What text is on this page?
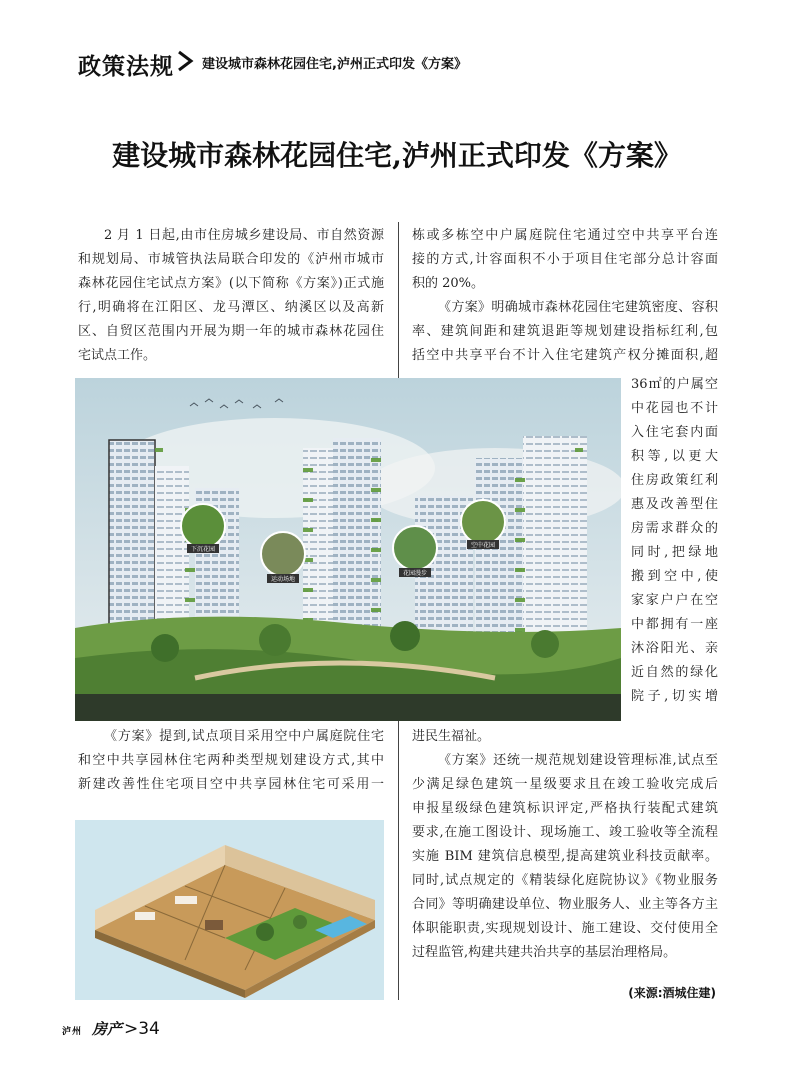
政策法规 建设城市森林花园住宅,泸州正式印发《方案》
建设城市森林花园住宅,泸州正式印发《方案》
2 月 1 日起,由市住房城乡建设局、市自然资源
和规划局、市城管执法局联合印发的《泸州市城市
森林花园住宅试点方案》(以下简称《方案》)正式施
行,明确将在江阳区、龙马潭区、纳溪区以及高新
区、自贸区范围内开展为期一年的城市森林花园住
宅试点工作。
栋或多栋空中户属庭院住宅通过空中共享平台连
接的方式,计容面积不小于项目住宅部分总计容面
积的 20%。
《方案》明确城市森林花园住宅建筑密度、容积
率、建筑间距和建筑退距等规划建设指标红利,包
括空中共享平台不计入住宅建筑产权分摊面积,超
36㎡的户属空
中花园也不计
入住宅套内面
积等,以更大
住房政策红利
惠及改善型住
房需求群众的
同时,把绿地
搬到空中,使
家家户户在空
中都拥有一座
沐浴阳光、亲
近自然的绿化
院子,切实增
下沉花园
运动场地
花园漫步
空中花园
《方案》提到,试点项目采用空中户属庭院住宅
和空中共享园林住宅两种类型规划建设方式,其中
新建改善性住宅项目空中共享园林住宅可采用一
进民生福祉。
《方案》还统一规范规划建设管理标准,试点至
少满足绿色建筑一星级要求且在竣工验收完成后
申报星级绿色建筑标识评定,严格执行装配式建筑
要求,在施工图设计、现场施工、竣工验收等全流程
实施 BIM 建筑信息模型,提高建筑业科技贡献率。
同时,试点规定的《精装绿化庭院协议》《物业服务
合同》等明确建设单位、物业服务人、业主等各方主
体职能职责,实现规划设计、施工建设、交付使用全
过程监管,构建共建共治共享的基层治理格局。
(来源:酒城住建)
泸州 房产 >34
